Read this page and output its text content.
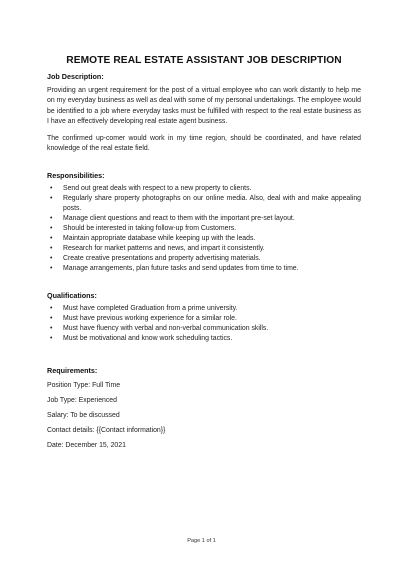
REMOTE REAL ESTATE ASSISTANT JOB DESCRIPTION

Job Description:

Providing an urgent requirement for the post of a virtual employee who can work distantly to help me on my everyday business as well as deal with some of my personal undertakings. The employee would be identified to a job where everyday tasks must be fulfilled with respect to the real estate business as I have an effectively developing real estate agent business.

The confirmed up-comer would work in my time region, should be coordinated, and have related knowledge of the real estate field.

Responsibilities:

• Send out great deals with respect to a new property to clients.
• Regularly share property photographs on our online media. Also, deal with and make appealing posts.
• Manage client questions and react to them with the important pre-set layout.
• Should be interested in taking follow-up from Customers.
• Maintain appropriate database while keeping up with the leads.
• Research for market patterns and news, and impart it consistently.
• Create creative presentations and property advertising materials.
• Manage arrangements, plan future tasks and send updates from time to time.

Qualifications:

• Must have completed Graduation from a prime university.
• Must have previous working experience for a similar role.
• Must have fluency with verbal and non-verbal communication skills.
• Must be motivational and know work scheduling tactics.

Requirements:

Position Type: Full Time

Job Type: Experienced

Salary: To be discussed

Contact details: {{Contact information}}

Date: December 15, 2021

Page 1 of 1
